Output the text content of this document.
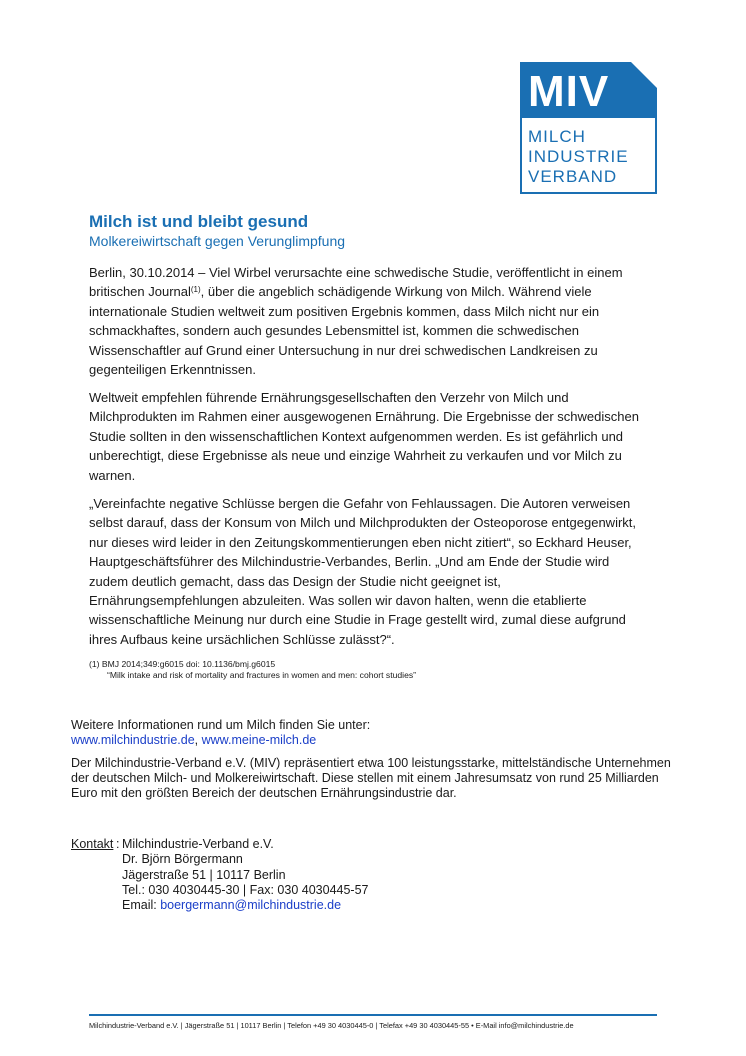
MIV
MILCH
INDUSTRIE
VERBAND
Milch ist und bleibt gesund
Molkereiwirtschaft gegen Verunglimpfung
Berlin, 30.10.2014 – Viel Wirbel verursachte eine schwedische Studie, veröffentlicht in einem
britischen Journal$^{(1)}$, über die angeblich schädigende Wirkung von Milch. Während viele
internationale Studien weltweit zum positiven Ergebnis kommen, dass Milch nicht nur ein
schmackhaftes, sondern auch gesundes Lebensmittel ist, kommen die schwedischen
Wissenschaftler auf Grund einer Untersuchung in nur drei schwedischen Landkreisen zu
gegenteiligen Erkenntnissen.
Weltweit empfehlen führende Ernährungsgesellschaften den Verzehr von Milch und
Milchprodukten im Rahmen einer ausgewogenen Ernährung. Die Ergebnisse der schwedischen
Studie sollten in den wissenschaftlichen Kontext aufgenommen werden. Es ist gefährlich und
unberechtigt, diese Ergebnisse als neue und einzige Wahrheit zu verkaufen und vor Milch zu
warnen.
„Vereinfachte negative Schlüsse bergen die Gefahr von Fehlaussagen. Die Autoren verweisen
selbst darauf, dass der Konsum von Milch und Milchprodukten der Osteoporose entgegenwirkt,
nur dieses wird leider in den Zeitungskommentierungen eben nicht zitiert“, so Eckhard Heuser,
Hauptgeschäftsführer des Milchindustrie-Verbandes, Berlin. „Und am Ende der Studie wird
zudem deutlich gemacht, dass das Design der Studie nicht geeignet ist,
Ernährungsempfehlungen abzuleiten. Was sollen wir davon halten, wenn die etablierte
wissenschaftliche Meinung nur durch eine Studie in Frage gestellt wird, zumal diese aufgrund
ihres Aufbaus keine ursächlichen Schlüsse zulässt?“.
(1) BMJ 2014;349:g6015 doi: 10.1136/bmj.g6015
“Milk intake and risk of mortality and fractures in women and men: cohort studies”
Weitere Informationen rund um Milch finden Sie unter:
www.milchindustrie.de, www.meine-milch.de
Der Milchindustrie-Verband e.V. (MIV) repräsentiert etwa 100 leistungsstarke, mittelständische Unternehmen
der deutschen Milch- und Molkereiwirtschaft. Diese stellen mit einem Jahresumsatz von rund 25 Milliarden
Euro mit den größten Bereich der deutschen Ernährungsindustrie dar.
Kontakt : Milchindustrie-Verband e.V.
Dr. Björn Börgermann
Jägerstraße 51 | 10117 Berlin
Tel.: 030 4030445-30 | Fax: 030 4030445-57
Email: boergermann@milchindustrie.de
Milchindustrie-Verband e.V. | Jägerstraße 51 | 10117 Berlin | Telefon +49 30 4030445-0 | Telefax +49 30 4030445-55 • E-Mail info@milchindustrie.de
